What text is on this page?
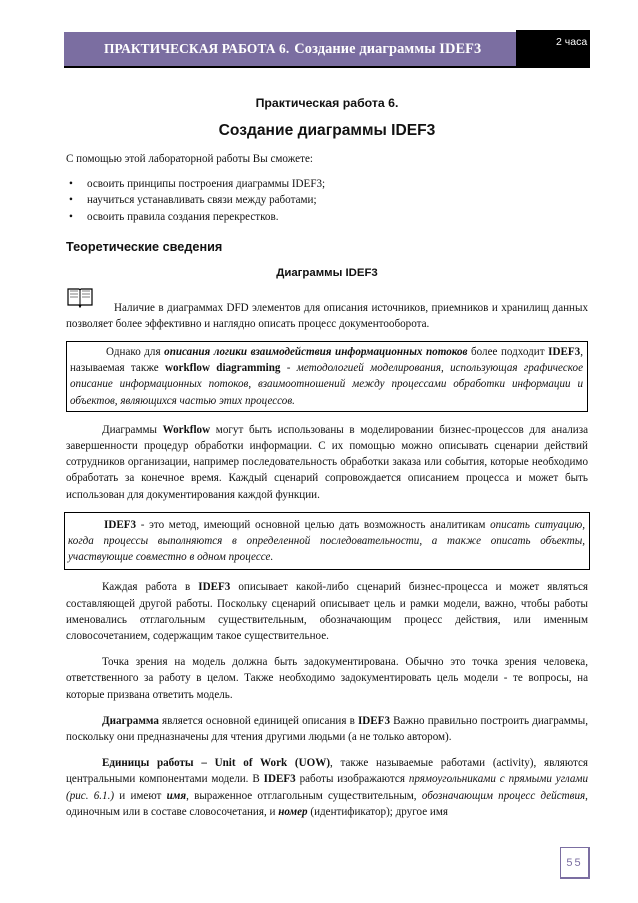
ПРАКТИЧЕСКАЯ РАБОТА 6. Создание диаграммы IDEF3	2 часа
Практическая работа 6.
Создание диаграммы IDEF3
С помощью этой лабораторной работы Вы сможете:
• освоить принципы построения диаграммы IDEF3;
• научиться устанавливать связи между работами;
• освоить правила создания перекрестков.
Теоретические сведения
Диаграммы IDEF3
Наличие в диаграммах DFD элементов для описания источников, приемников и хранилищ данных позволяет более эффективно и наглядно описать процесс документооборота.
Однако для описания логики взаимодействия информационных потоков более подходит IDEF3, называемая также workflow diagramming - методологией моделирования, использующая графическое описание информационных потоков, взаимоотношений между процессами обработки информации и объектов, являющихся частью этих процессов.
Диаграммы Workflow могут быть использованы в моделировании бизнес-процессов для анализа завершенности процедур обработки информации. С их помощью можно описывать сценарии действий сотрудников организации, например последовательность обработки заказа или события, которые необходимо обработать за конечное время. Каждый сценарий сопровождается описанием процесса и может быть использован для документирования каждой функции.
IDEF3 - это метод, имеющий основной целью дать возможность аналитикам описать ситуацию, когда процессы выполняются в определенной последовательности, а также описать объекты, участвующие совместно в одном процессе.
Каждая работа в IDEF3 описывает какой-либо сценарий бизнес-процесса и может являться составляющей другой работы. Поскольку сценарий описывает цель и рамки модели, важно, чтобы работы именовались отглагольным существительным, обозначающим процесс действия, или именным словосочетанием, содержащим такое существительное.
Точка зрения на модель должна быть задокументирована. Обычно это точка зрения человека, ответственного за работу в целом. Также необходимо задокументировать цель модели - те вопросы, на которые призвана ответить модель.
Диаграмма является основной единицей описания в IDEF3 Важно правильно построить диаграммы, поскольку они предназначены для чтения другими людьми (а не только автором).
Единицы работы – Unit of Work (UOW), также называемые работами (activity), являются центральными компонентами модели. В IDEF3 работы изображаются прямоугольниками с прямыми углами (рис. 6.1.) и имеют имя, выраженное отглагольным существительным, обозначающим процесс действия, одиночным или в составе словосочетания, и номер (идентификатор); другое имя
55
